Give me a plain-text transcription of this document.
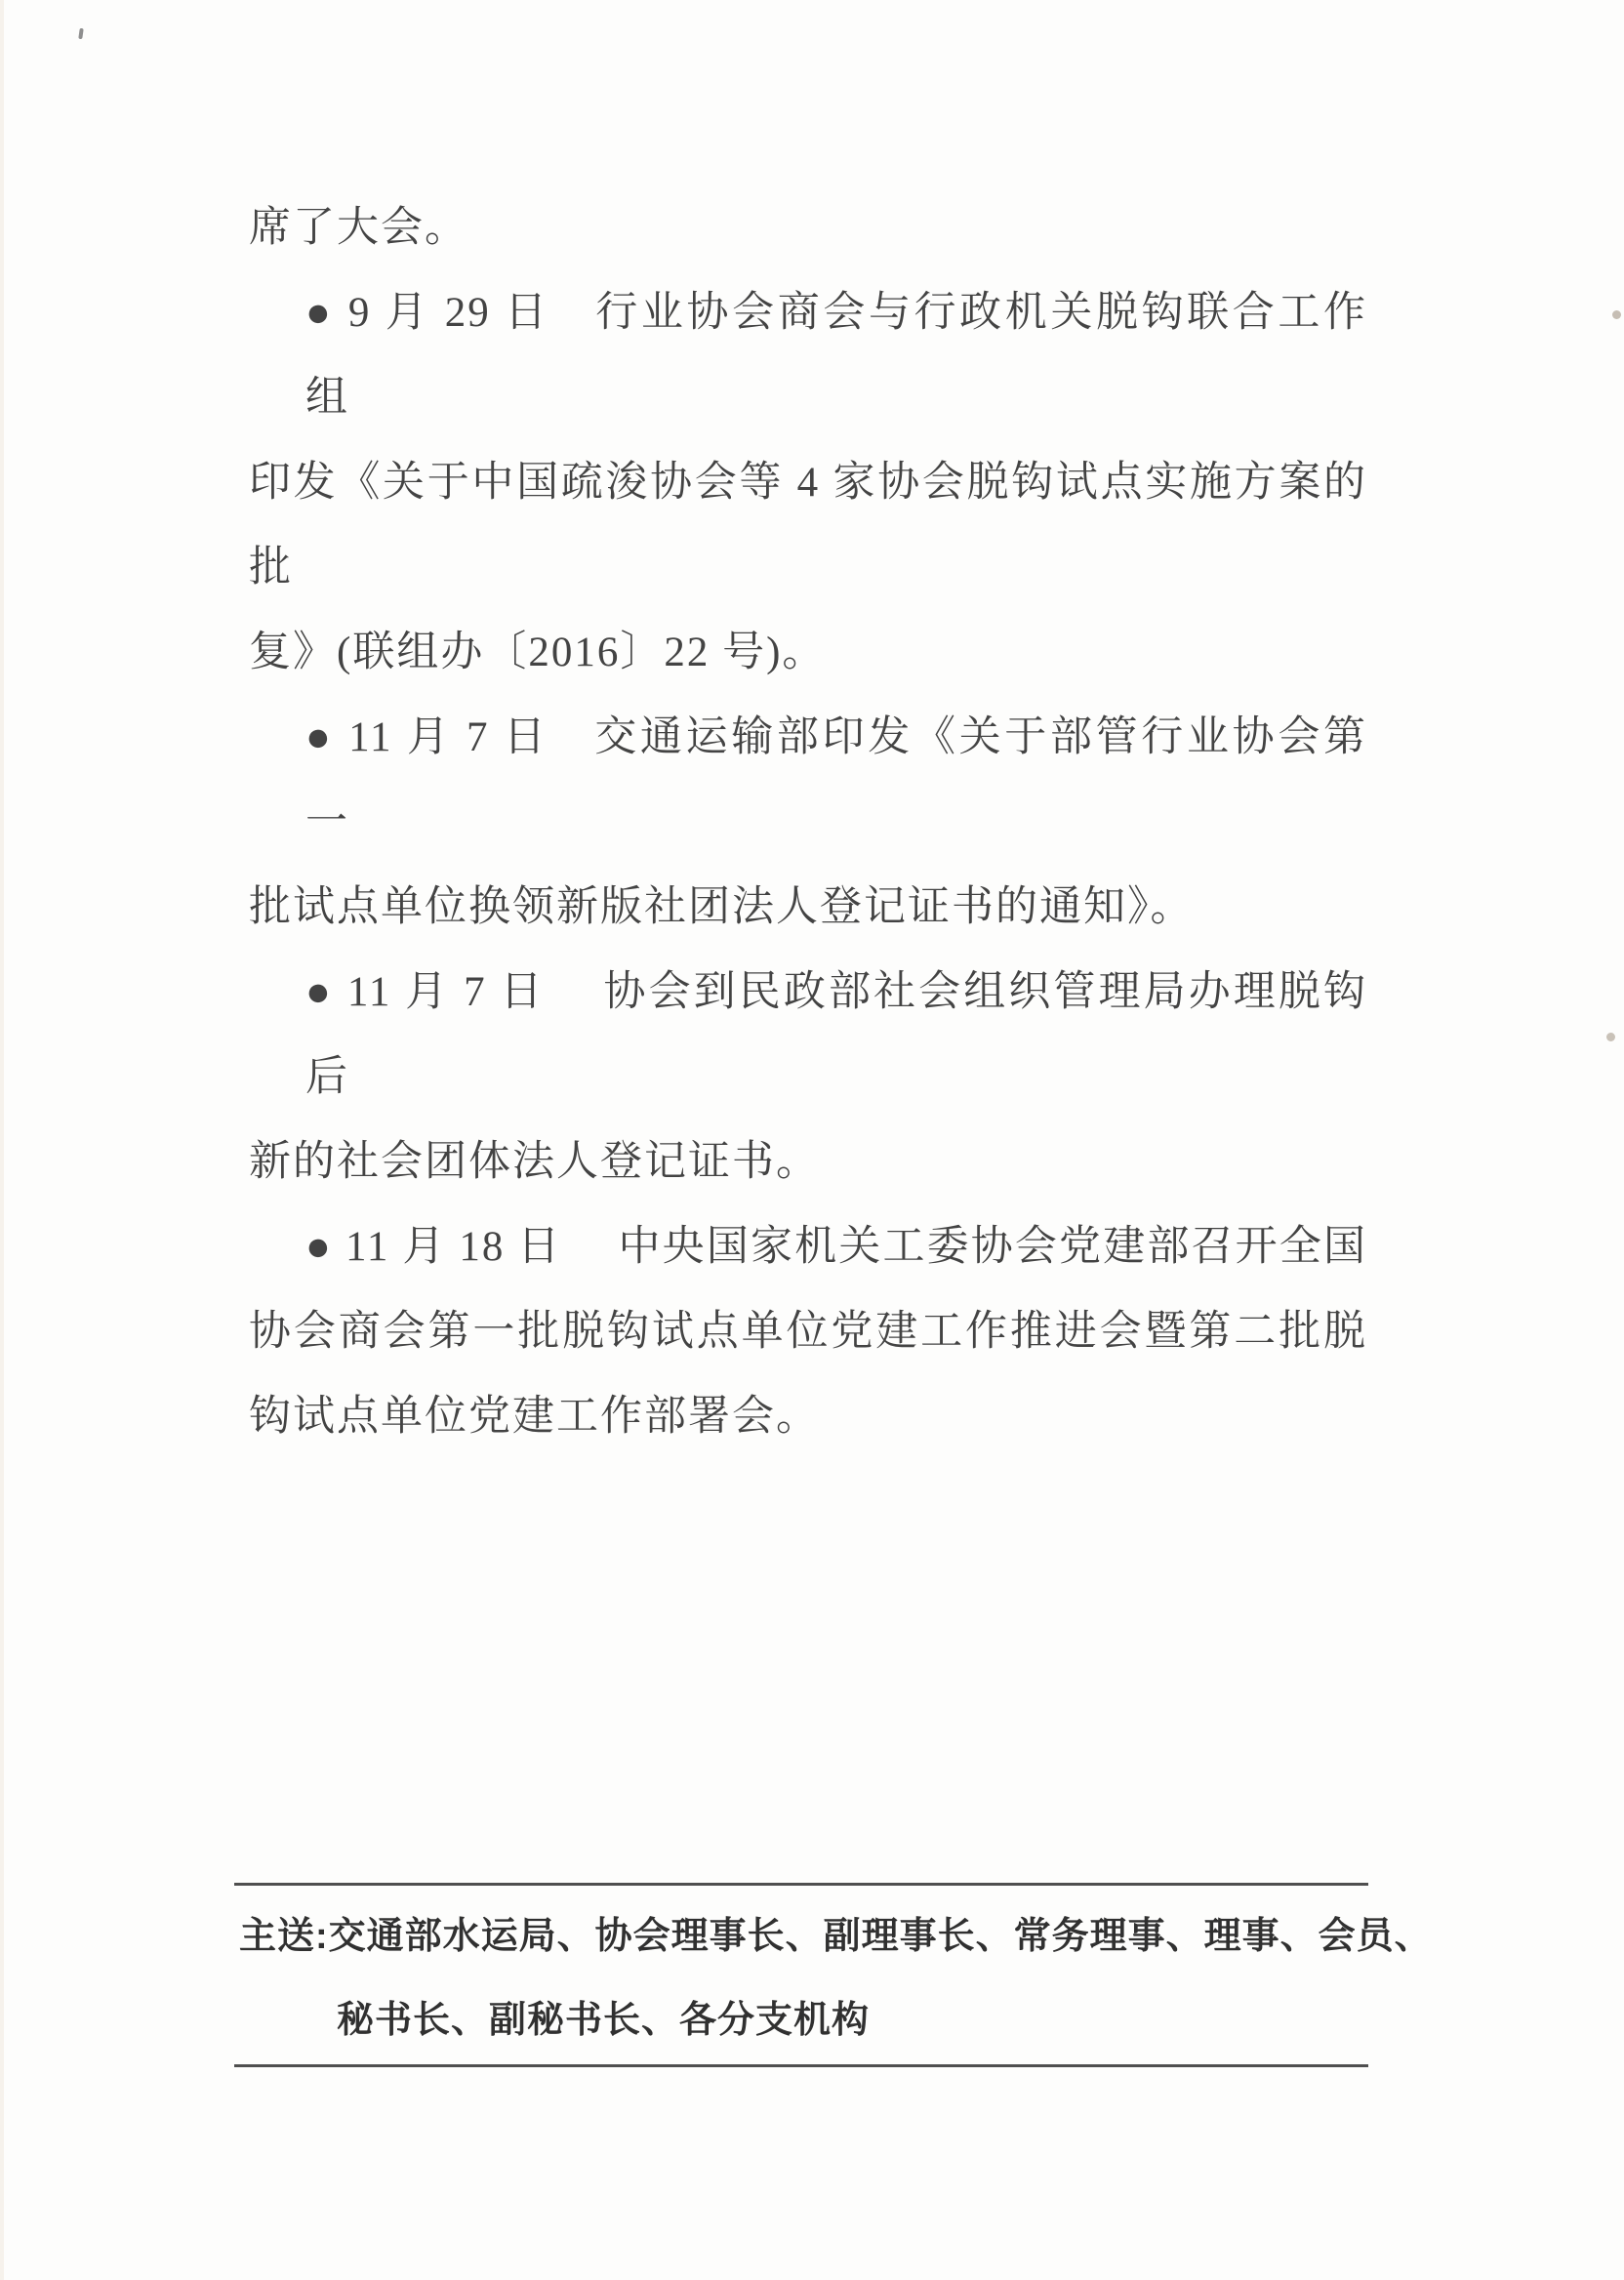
席了大会。

● 9 月 29 日　行业协会商会与行政机关脱钩联合工作组

印发《关于中国疏浚协会等 4 家协会脱钩试点实施方案的批

复》(联组办〔2016〕22 号)。

● 11 月 7 日　交通运输部印发《关于部管行业协会第一

批试点单位换领新版社团法人登记证书的通知》。

● 11 月 7 日　 协会到民政部社会组织管理局办理脱钩后

新的社会团体法人登记证书。

● 11 月 18 日　 中央国家机关工委协会党建部召开全国

协会商会第一批脱钩试点单位党建工作推进会暨第二批脱

钩试点单位党建工作部署会。

主送:交通部水运局、协会理事长、副理事长、常务理事、理事、会员、

秘书长、副秘书长、各分支机构
